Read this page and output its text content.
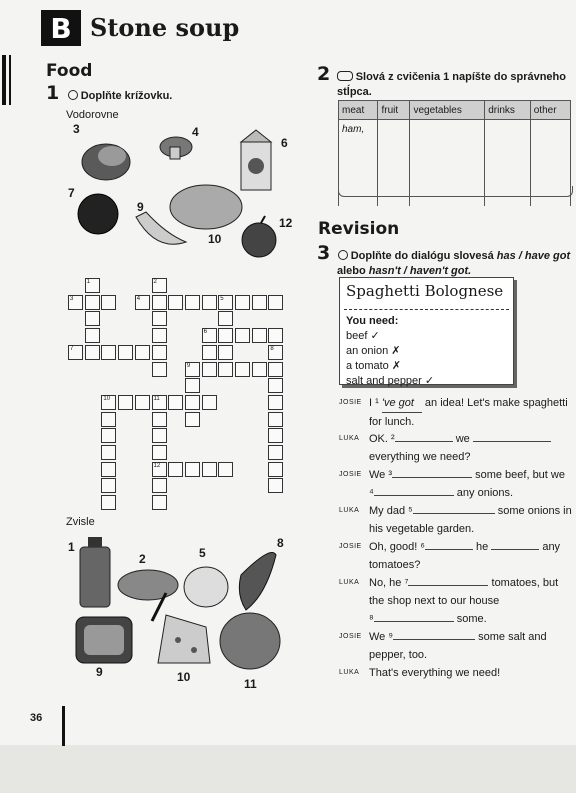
B Stone soup
Food
1 Doplňte krížovku.
Vodorovne
3	4
6
7
9
10
12
1	2
3	4	5
6
7	8
9
10	11
12
Zvisle
1
2	5
8
9	10	11
2 Slová z cvičenia 1 napíšte do správneho
stĺpca.
meat	fruit	vegetables	drinks	other
ham,				
Revision
3 Doplňte do dialógu slovesá has / have got
alebo hasn't / haven't got.
Spaghetti Bolognese
You need:
beef ✓
an onion ✗
a tomato ✗
salt and pepper ✓
JOSIE I ¹ 've got an idea! Let's make spaghetti
for lunch.
LUKA OK. ²	we
everything we need?
JOSIE We ³	some beef, but we
⁴	any onions.
LUKA My dad ⁵	some onions in
his vegetable garden.
JOSIE Oh, good! ⁶	he	any
tomatoes?
LUKA No, he ⁷	tomatoes, but
the shop next to our house
⁸	some.
JOSIE We ⁹	some salt and
pepper, too.
LUKA That's everything we need!
36
